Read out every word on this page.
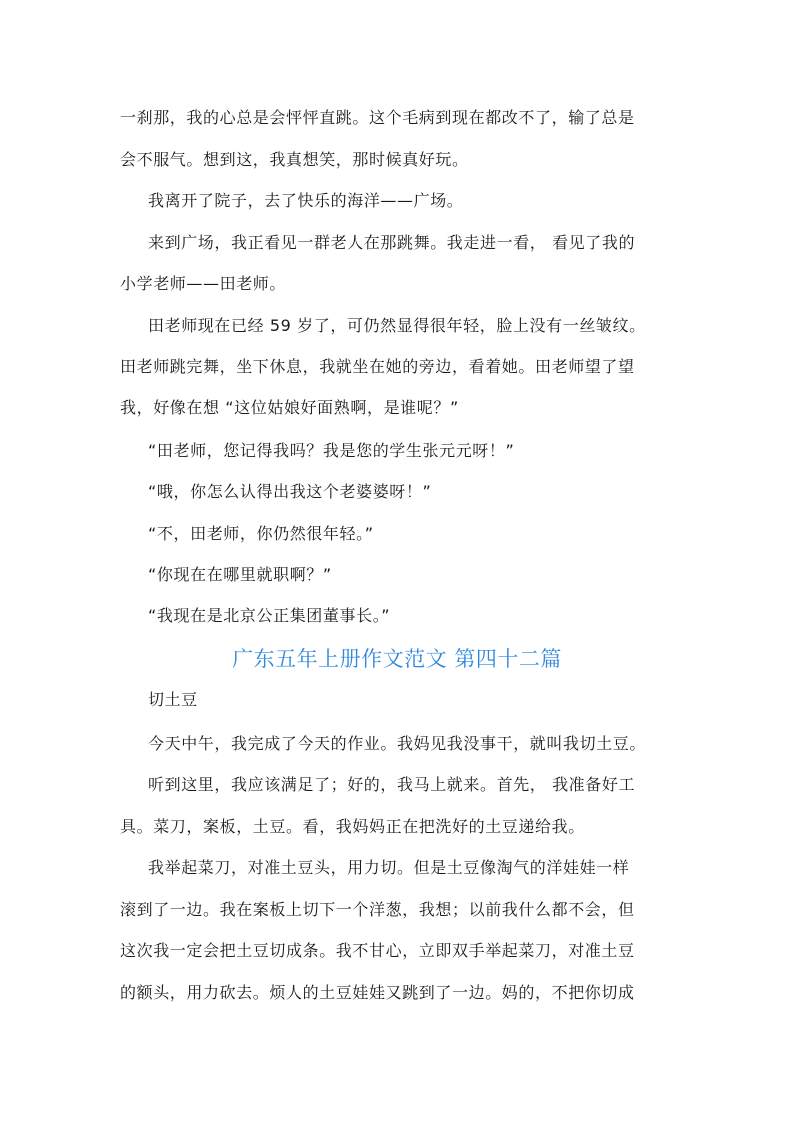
一刹那，我的心总是会怦怦直跳。这个毛病到现在都改不了，输了总是
会不服气。想到这，我真想笑，那时候真好玩。
我离开了院子，去了快乐的海洋——广场。
来到广场，我正看见一群老人在那跳舞。我走进一看， 看见了我的
小学老师——田老师。
田老师现在已经 59 岁了，可仍然显得很年轻，脸上没有一丝皱纹。
田老师跳完舞，坐下休息，我就坐在她的旁边，看着她。田老师望了望
我，好像在想 “这位姑娘好面熟啊，是谁呢？”
“田老师，您记得我吗？我是您的学生张元元呀！”
“哦，你怎么认得出我这个老婆婆呀！”
“不，田老师，你仍然很年轻。”
“你现在在哪里就职啊？”
“我现在是北京公正集团董事长。”
广东五年上册作文范文 第四十二篇
切土豆
今天中午，我完成了今天的作业。我妈见我没事干，就叫我切土豆。
听到这里，我应该满足了；好的，我马上就来。首先， 我准备好工
具。菜刀，案板，土豆。看，我妈妈正在把洗好的土豆递给我。
我举起菜刀，对准土豆头，用力切。但是土豆像淘气的洋娃娃一样
滚到了一边。我在案板上切下一个洋葱，我想；以前我什么都不会，但
这次我一定会把土豆切成条。我不甘心，立即双手举起菜刀，对准土豆
的额头，用力砍去。烦人的土豆娃娃又跳到了一边。妈的，不把你切成
